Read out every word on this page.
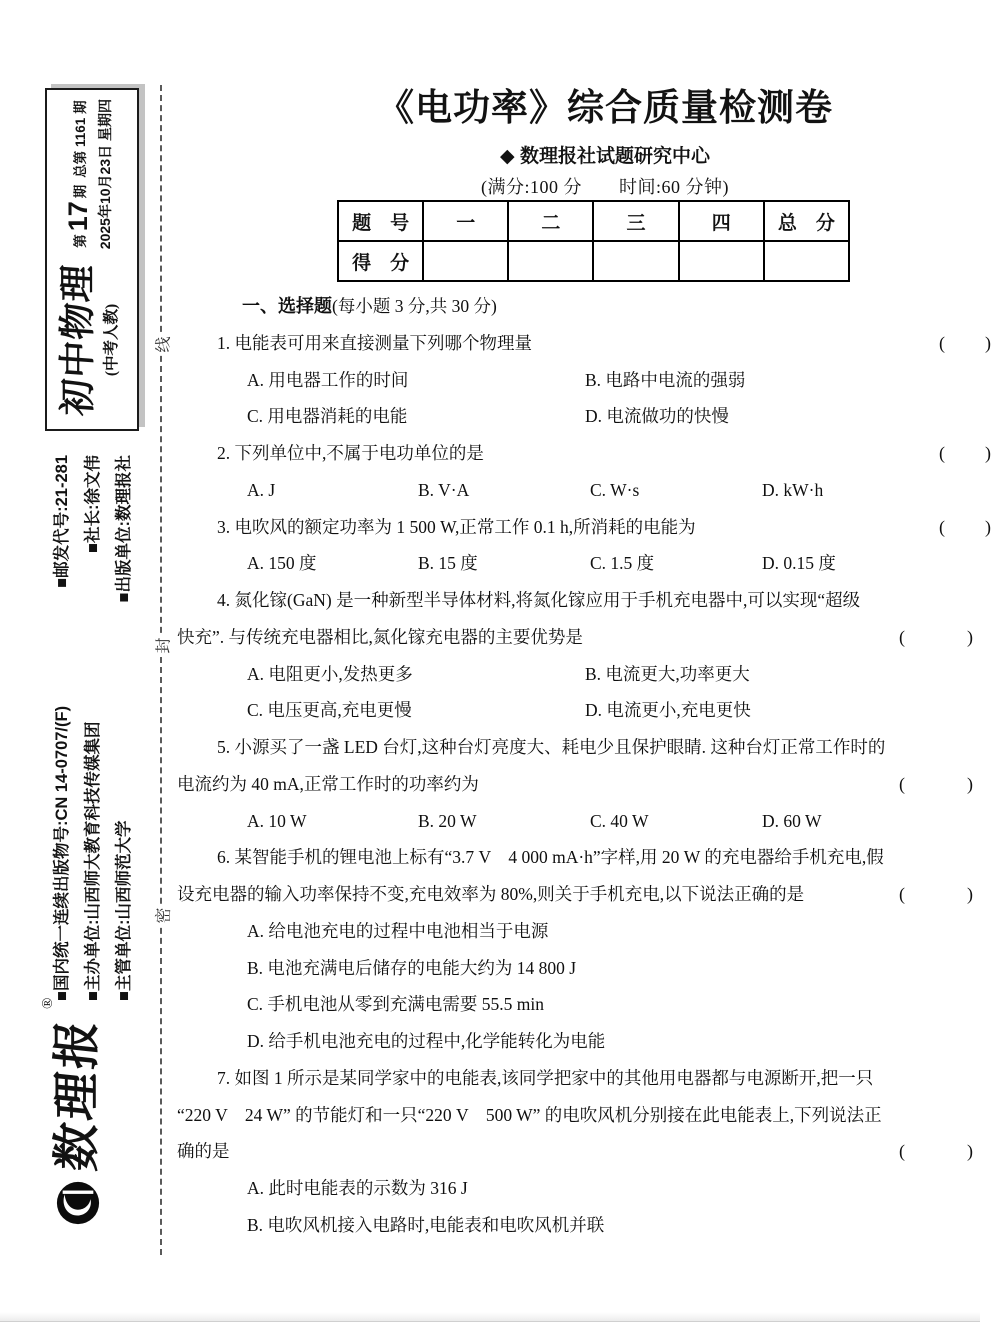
初中物理 (中考人教)
第
17
期
总第 1161 期 2025年10月23日 星期四
■国内统一连续出版物号:CN 14-0707/(F)
■邮发代号:21-281
■主办单位:山西师大教育科技传媒集团
■社长:徐文伟
■主管单位:山西师范大学
■出版单位:数理报社
数理报
®
线
封
密
《电功率》综合质量检测卷
◆ 数理报社试题研究中心
(满分:100 分　　时间:60 分钟)
题　号	一	二	三	四	总　分
得　分					
一、选择题(每小题 3 分,共 30 分)
(	)
1. 电能表可用来直接测量下列哪个物理量
A. 用电器工作的时间	B. 电路中电流的强弱
C. 用电器消耗的电能	D. 电流做功的快慢
(	)
2. 下列单位中,不属于电功单位的是
A. J	B. V·A	C. W·s	D. kW·h
(	)
3. 电吹风的额定功率为 1 500 W,正常工作 0.1 h,所消耗的电能为
A. 150 度	B. 15 度	C. 1.5 度	D. 0.15 度
4. 氮化镓(GaN) 是一种新型半导体材料,将氮化镓应用于手机充电器中,可以实现“超级
(	)
快充”. 与传统充电器相比,氮化镓充电器的主要优势是
A. 电阻更小,发热更多	B. 电流更大,功率更大
C. 电压更高,充电更慢	D. 电流更小,充电更快
5. 小源买了一盏 LED 台灯,这种台灯亮度大、耗电少且保护眼睛. 这种台灯正常工作时的
(	)
电流约为 40 mA,正常工作时的功率约为
A. 10 W	B. 20 W	C. 40 W	D. 60 W
6. 某智能手机的锂电池上标有“3.7 V　4 000 mA·h”字样,用 20 W 的充电器给手机充电,假
(	)
设充电器的输入功率保持不变,充电效率为 80%,则关于手机充电,以下说法正确的是
A. 给电池充电的过程中电池相当于电源
B. 电池充满电后储存的电能大约为 14 800 J
C. 手机电池从零到充满电需要 55.5 min
D. 给手机电池充电的过程中,化学能转化为电能
7. 如图 1 所示是某同学家中的电能表,该同学把家中的其他用电器都与电源断开,把一只
“220 V　24 W” 的节能灯和一只“220 V　500 W” 的电吹风机分别接在此电能表上,下列说法正
(	)
确的是
A. 此时电能表的示数为 316 J
B. 电吹风机接入电路时,电能表和电吹风机并联
